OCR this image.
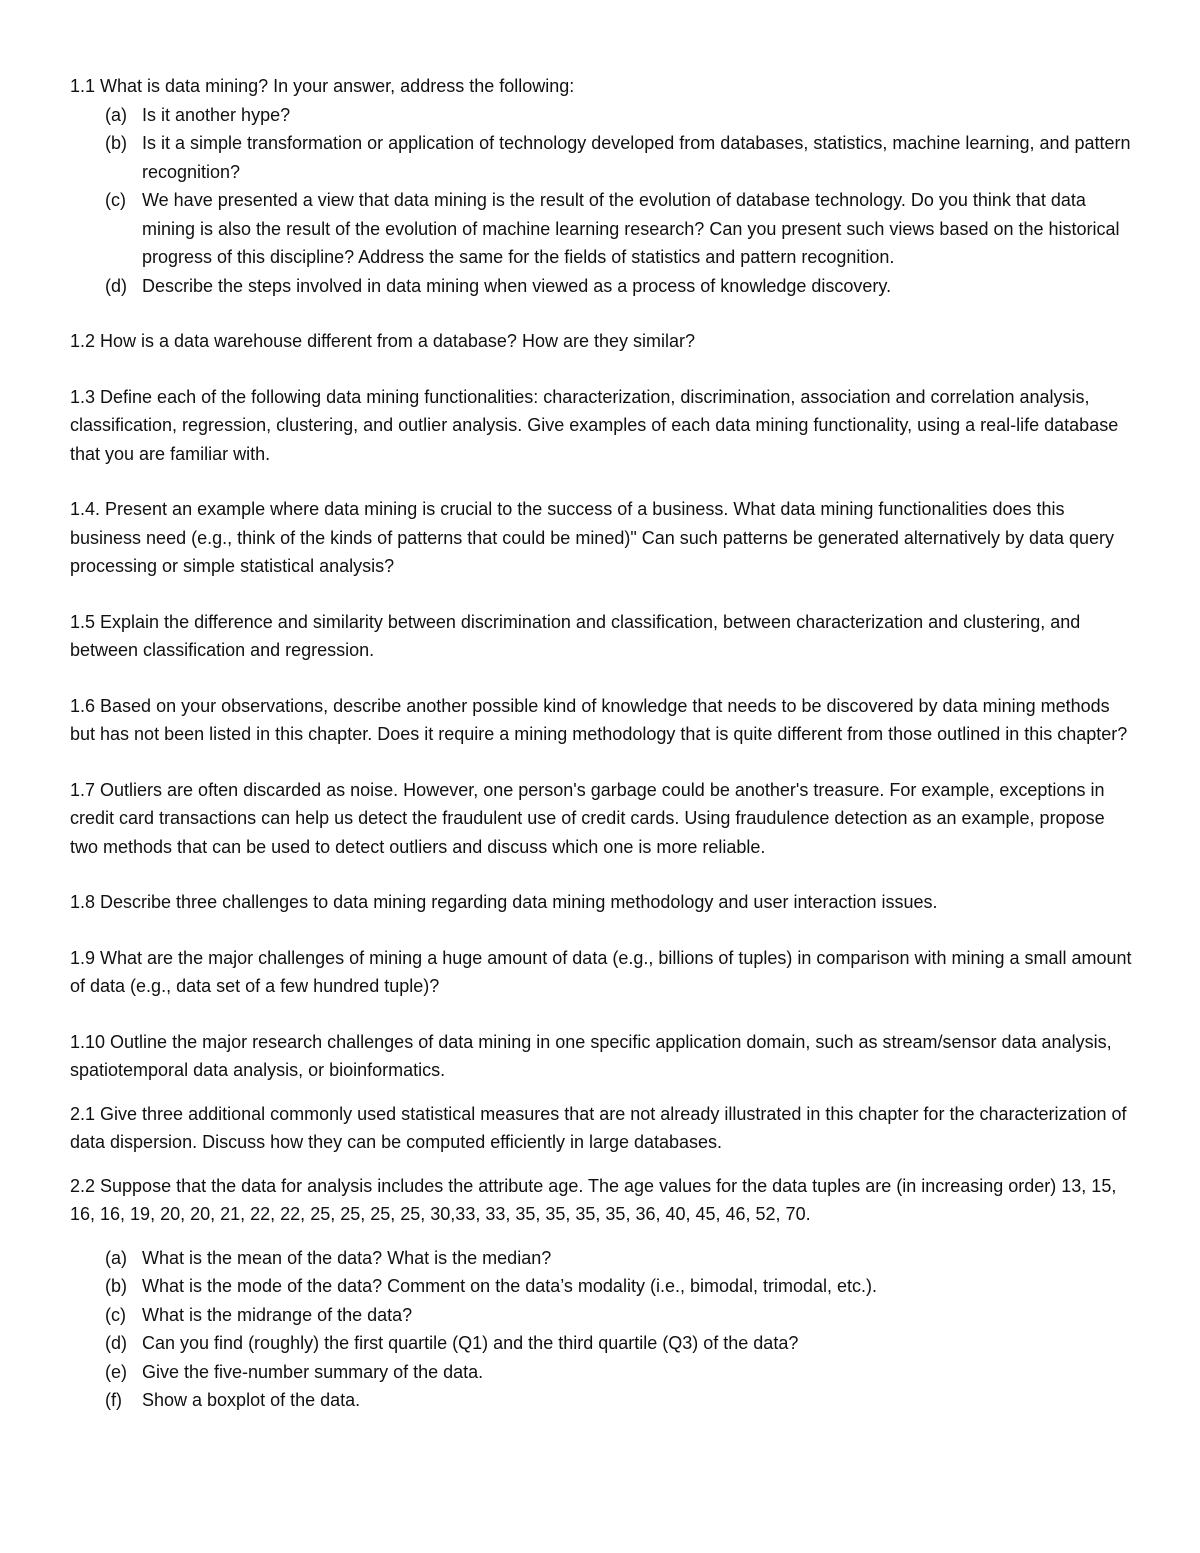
1.1 What is data mining? In your answer, address the following:

(a) Is it another hype?
(b) Is it a simple transformation or application of technology developed from databases, statistics, machine learning, and pattern recognition?
(c) We have presented a view that data mining is the result of the evolution of database technology. Do you think that data mining is also the result of the evolution of machine learning research? Can you present such views based on the historical progress of this discipline? Address the same for the fields of statistics and pattern recognition.
(d) Describe the steps involved in data mining when viewed as a process of knowledge discovery.

1.2 How is a data warehouse different from a database? How are they similar?

1.3 Define each of the following data mining functionalities: characterization, discrimination, association and correlation analysis, classification, regression, clustering, and outlier analysis. Give examples of each data mining functionality, using a real-life database that you are familiar with.

1.4. Present an example where data mining is crucial to the success of a business. What data mining functionalities does this business need (e.g., think of the kinds of patterns that could be mined)" Can such patterns be generated alternatively by data query processing or simple statistical analysis?

1.5 Explain the difference and similarity between discrimination and classification, between characterization and clustering, and between classification and regression.

1.6 Based on your observations, describe another possible kind of knowledge that needs to be discovered by data mining methods but has not been listed in this chapter. Does it require a mining methodology that is quite different from those outlined in this chapter?

1.7 Outliers are often discarded as noise. However, one person's garbage could be another's treasure. For example, exceptions in credit card transactions can help us detect the fraudulent use of credit cards. Using fraudulence detection as an example, propose two methods that can be used to detect outliers and discuss which one is more reliable.

1.8 Describe three challenges to data mining regarding data mining methodology and user interaction issues.

1.9 What are the major challenges of mining a huge amount of data (e.g., billions of tuples) in comparison with mining a small amount of data (e.g., data set of a few hundred tuple)?

1.10 Outline the major research challenges of data mining in one specific application domain, such as stream/sensor data analysis, spatiotemporal data analysis, or bioinformatics.

2.1 Give three additional commonly used statistical measures that are not already illustrated in this chapter for the characterization of data dispersion. Discuss how they can be computed efficiently in large databases.

2.2 Suppose that the data for analysis includes the attribute age. The age values for the data tuples are (in increasing order) 13, 15, 16, 16, 19, 20, 20, 21, 22, 22, 25, 25, 25, 25, 30,33, 33, 35, 35, 35, 35, 36, 40, 45, 46, 52, 70.

(a) What is the mean of the data? What is the median?
(b) What is the mode of the data? Comment on the data’s modality (i.e., bimodal, trimodal, etc.).
(c) What is the midrange of the data?
(d) Can you find (roughly) the first quartile (Q1) and the third quartile (Q3) of the data?
(e) Give the five-number summary of the data.
(f) Show a boxplot of the data.
